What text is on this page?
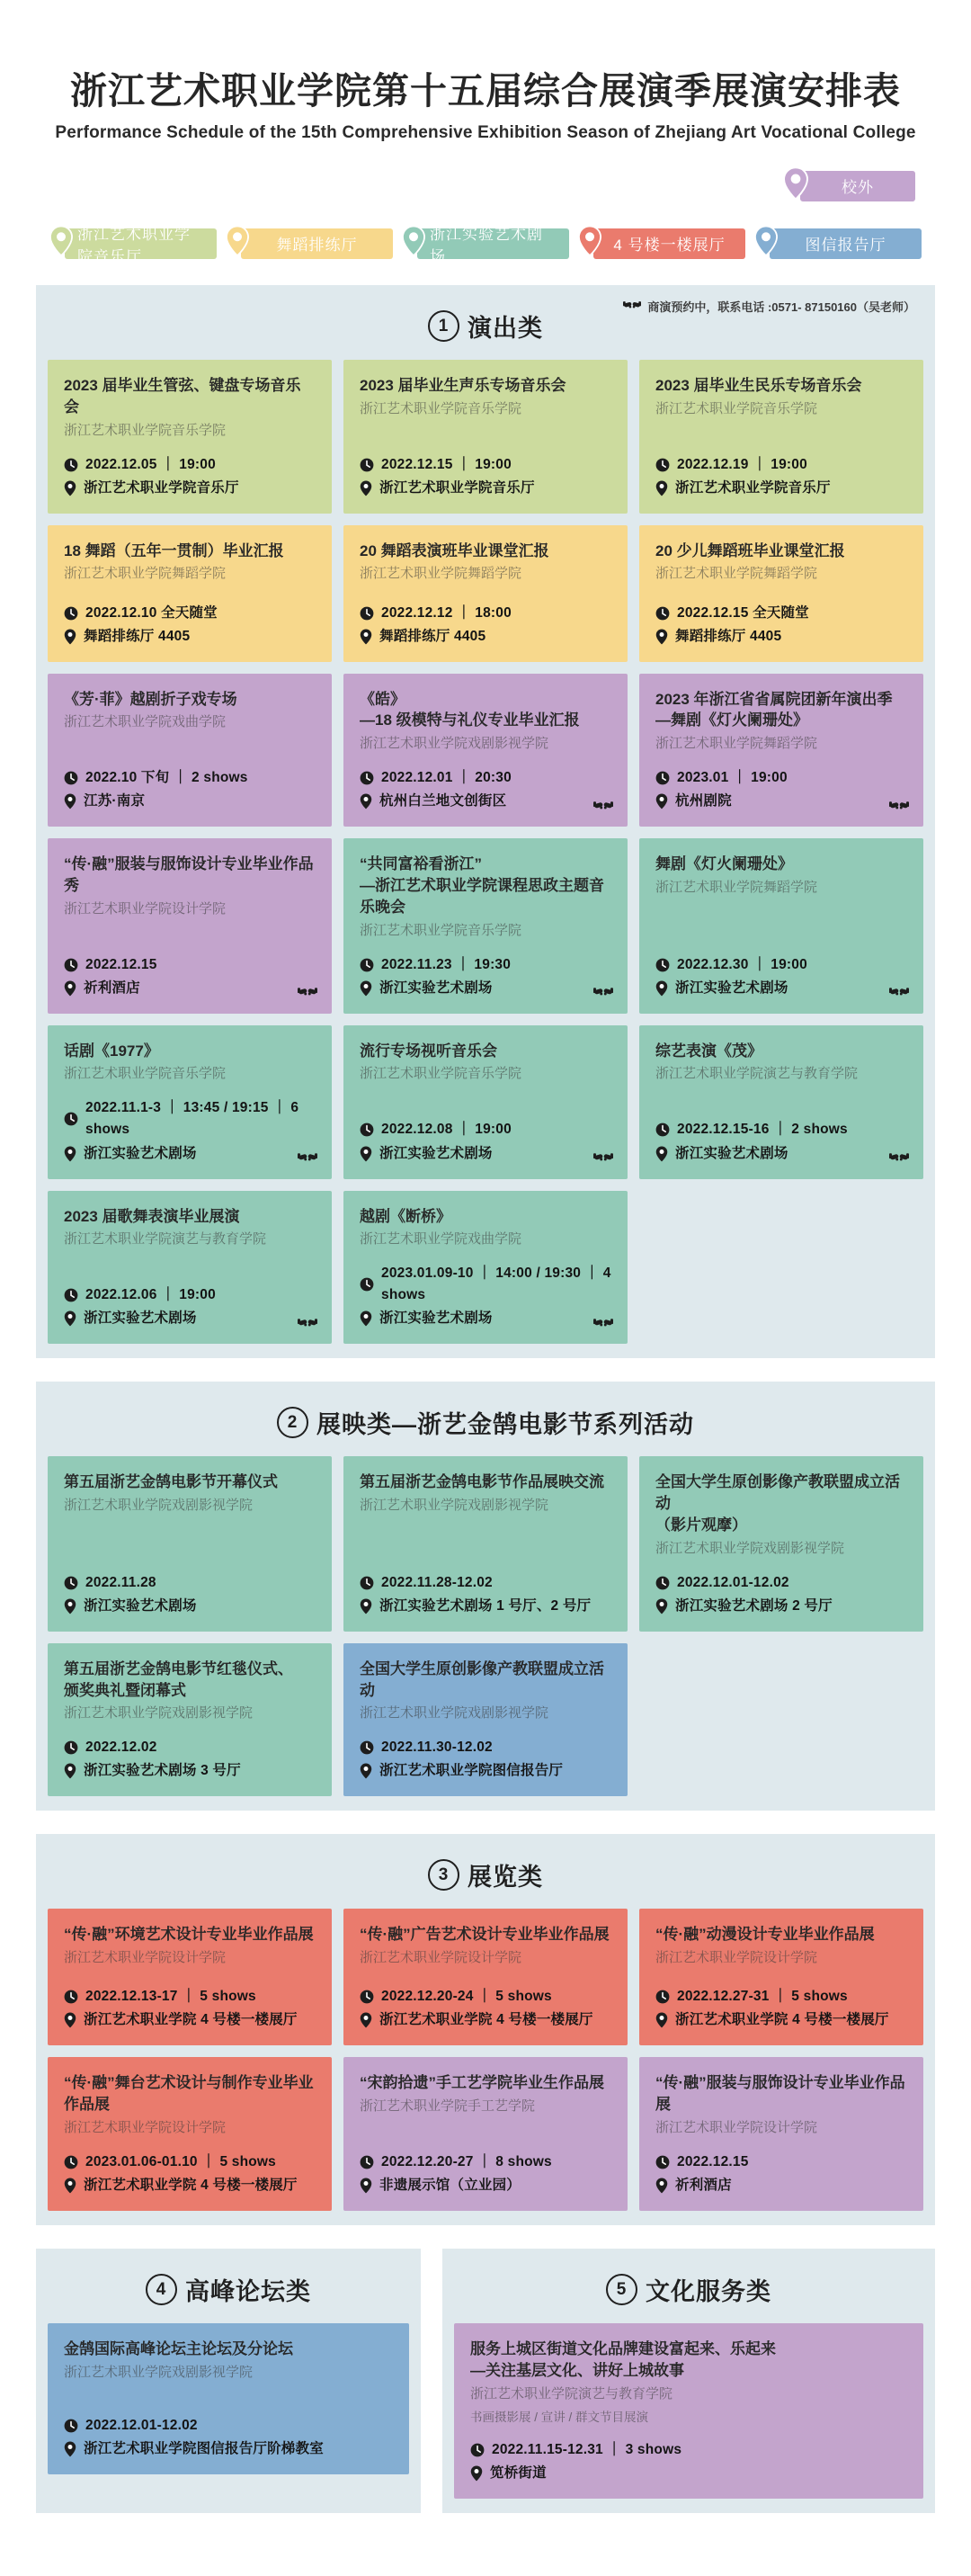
浙江艺术职业学院第十五届综合展演季展演安排表

Performance Schedule of the 15th Comprehensive Exhibition Season of Zhejiang Art Vocational College

校外
浙江艺术职业学院音乐厅
舞蹈排练厅
浙江实验艺术剧场
4 号楼一楼展厅	图信报告厅
1 演出类
商演预约中，联系电话 :0571- 87150160（吴老师）
2023 届毕业生管弦、键盘专场音乐会
浙江艺术职业学院音乐学院
2022.12.05 ｜ 19:00
浙江艺术职业学院音乐厅
2023 届毕业生声乐专场音乐会
浙江艺术职业学院音乐学院
2022.12.15 ｜ 19:00
浙江艺术职业学院音乐厅
2023 届毕业生民乐专场音乐会
浙江艺术职业学院音乐学院
2022.12.19 ｜ 19:00
浙江艺术职业学院音乐厅
18 舞蹈（五年一贯制）毕业汇报
浙江艺术职业学院舞蹈学院
2022.12.10 全天随堂
舞蹈排练厅 4405
20 舞蹈表演班毕业课堂汇报
浙江艺术职业学院舞蹈学院
2022.12.12 ｜ 18:00
舞蹈排练厅 4405
20 少儿舞蹈班毕业课堂汇报
浙江艺术职业学院舞蹈学院
2022.12.15 全天随堂
舞蹈排练厅 4405
《芳·菲》越剧折子戏专场
浙江艺术职业学院戏曲学院
2022.10 下旬 ｜ 2 shows
江苏·南京
《皓》
—18 级模特与礼仪专业毕业汇报
浙江艺术职业学院戏剧影视学院
2022.12.01 ｜ 20:30
杭州白兰地文创街区
2023 年浙江省省属院团新年演出季
—舞剧《灯火阑珊处》
浙江艺术职业学院舞蹈学院
2023.01 ｜ 19:00
杭州剧院
“传·融”服装与服饰设计专业毕业作品秀
浙江艺术职业学院设计学院
2022.12.15
祈利酒店
“共同富裕看浙江”
—浙江艺术职业学院课程思政主题音乐晚会
浙江艺术职业学院音乐学院
2022.11.23 ｜ 19:30
浙江实验艺术剧场
舞剧《灯火阑珊处》
浙江艺术职业学院舞蹈学院
2022.12.30 ｜ 19:00
浙江实验艺术剧场
话剧《1977》
浙江艺术职业学院音乐学院
2022.11.1-3 ｜ 13:45 / 19:15 ｜ 6 shows
浙江实验艺术剧场
流行专场视听音乐会
浙江艺术职业学院音乐学院
2022.12.08 ｜ 19:00
浙江实验艺术剧场
综艺表演《茂》
浙江艺术职业学院演艺与教育学院
2022.12.15-16 ｜ 2 shows
浙江实验艺术剧场
2023 届歌舞表演毕业展演
浙江艺术职业学院演艺与教育学院
2022.12.06 ｜ 19:00
浙江实验艺术剧场
越剧《断桥》
浙江艺术职业学院戏曲学院
2023.01.09-10 ｜ 14:00 / 19:30 ｜ 4 shows
浙江实验艺术剧场
2 展映类—浙艺金鹄电影节系列活动
第五届浙艺金鹄电影节开幕仪式
浙江艺术职业学院戏剧影视学院
2022.11.28
浙江实验艺术剧场
第五届浙艺金鹄电影节作品展映交流
浙江艺术职业学院戏剧影视学院
2022.11.28-12.02
浙江实验艺术剧场 1 号厅、2 号厅
全国大学生原创影像产教联盟成立活动
（影片观摩）
浙江艺术职业学院戏剧影视学院
2022.12.01-12.02
浙江实验艺术剧场 2 号厅
第五届浙艺金鹄电影节红毯仪式、
颁奖典礼暨闭幕式
浙江艺术职业学院戏剧影视学院
2022.12.02
浙江实验艺术剧场 3 号厅
全国大学生原创影像产教联盟成立活动
浙江艺术职业学院戏剧影视学院
2022.11.30-12.02
浙江艺术职业学院图信报告厅
3 展览类
“传·融”环境艺术设计专业毕业作品展
浙江艺术职业学院设计学院
2022.12.13-17 ｜ 5 shows
浙江艺术职业学院 4 号楼一楼展厅
“传·融”广告艺术设计专业毕业作品展
浙江艺术职业学院设计学院
2022.12.20-24 ｜ 5 shows
浙江艺术职业学院 4 号楼一楼展厅
“传·融”动漫设计专业毕业作品展
浙江艺术职业学院设计学院
2022.12.27-31 ｜ 5 shows
浙江艺术职业学院 4 号楼一楼展厅
“传·融”舞台艺术设计与制作专业毕业作品展
浙江艺术职业学院设计学院
2023.01.06-01.10 ｜ 5 shows
浙江艺术职业学院 4 号楼一楼展厅
“宋韵拾遗”手工艺学院毕业生作品展
浙江艺术职业学院手工艺学院
2022.12.20-27 ｜ 8 shows
非遗展示馆（立业园）
“传·融”服装与服饰设计专业毕业作品展
浙江艺术职业学院设计学院
2022.12.15
祈利酒店
4 高峰论坛类
金鹄国际高峰论坛主论坛及分论坛
浙江艺术职业学院戏剧影视学院
2022.12.01-12.02
浙江艺术职业学院图信报告厅阶梯教室
5 文化服务类
服务上城区街道文化品牌建设富起来、乐起来
—关注基层文化、讲好上城故事
浙江艺术职业学院演艺与教育学院
书画摄影展 / 宣讲 / 群文节目展演
2022.11.15-12.31 ｜ 3 shows
笕桥街道
